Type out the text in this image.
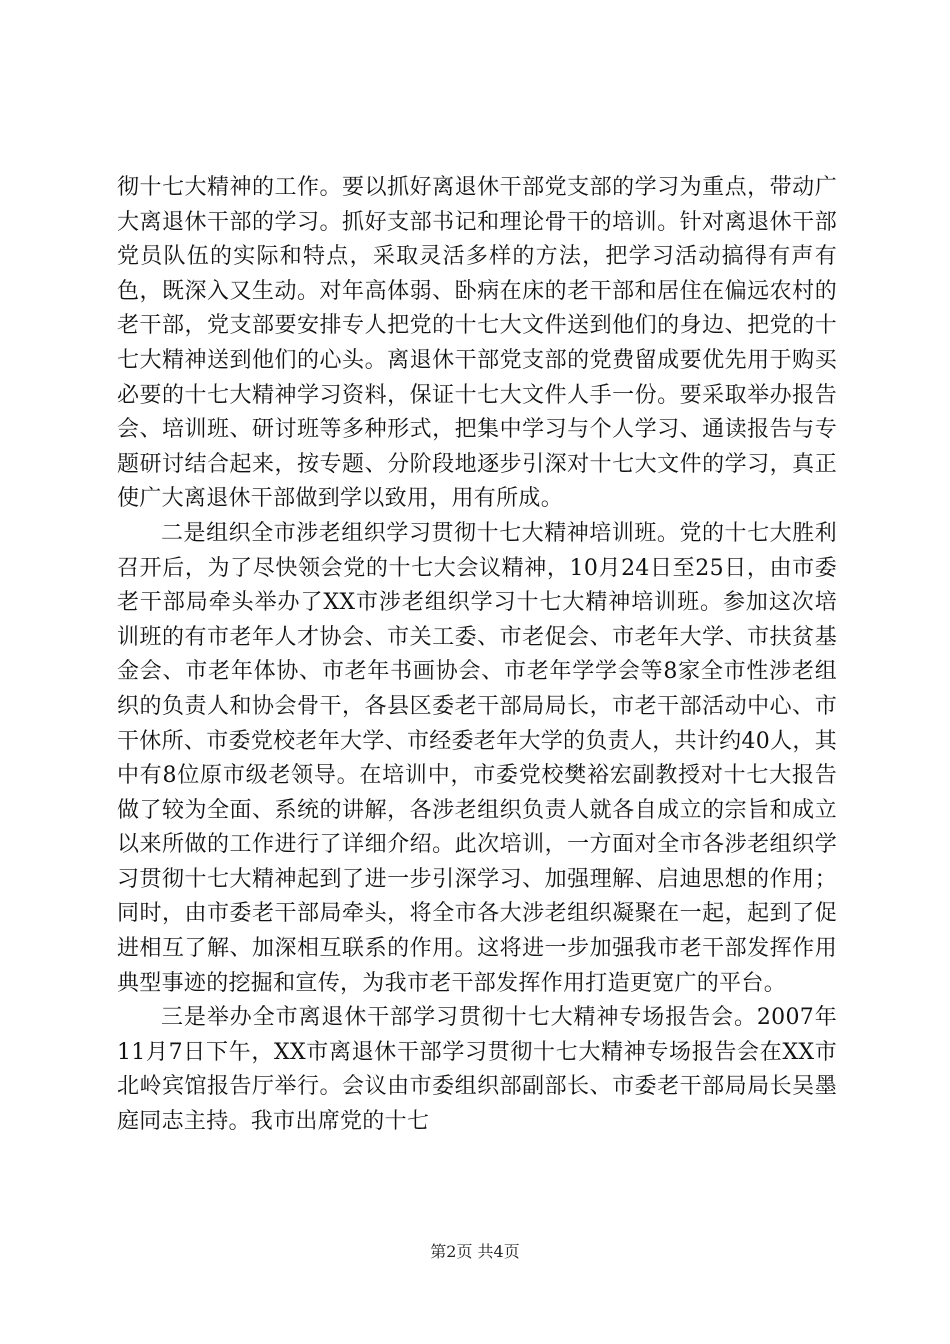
彻十七大精神的工作。要以抓好离退休干部党支部的学习为重点，带动广大离退休干部的学习。抓好支部书记和理论骨干的培训。针对离退休干部党员队伍的实际和特点，采取灵活多样的方法，把学习活动搞得有声有色，既深入又生动。对年高体弱、卧病在床的老干部和居住在偏远农村的老干部，党支部要安排专人把党的十七大文件送到他们的身边、把党的十七大精神送到他们的心头。离退休干部党支部的党费留成要优先用于购买必要的十七大精神学习资料，保证十七大文件人手一份。要采取举办报告会、培训班、研讨班等多种形式，把集中学习与个人学习、通读报告与专题研讨结合起来，按专题、分阶段地逐步引深对十七大文件的学习，真正使广大离退休干部做到学以致用，用有所成。

二是组织全市涉老组织学习贯彻十七大精神培训班。党的十七大胜利召开后，为了尽快领会党的十七大会议精神，10月24日至25日，由市委老干部局牵头举办了XX市涉老组织学习十七大精神培训班。参加这次培训班的有市老年人才协会、市关工委、市老促会、市老年大学、市扶贫基金会、市老年体协、市老年书画协会、市老年学学会等8家全市性涉老组织的负责人和协会骨干，各县区委老干部局局长，市老干部活动中心、市干休所、市委党校老年大学、市经委老年大学的负责人，共计约40人，其中有8位原市级老领导。在培训中，市委党校樊裕宏副教授对十七大报告做了较为全面、系统的讲解，各涉老组织负责人就各自成立的宗旨和成立以来所做的工作进行了详细介绍。此次培训，一方面对全市各涉老组织学习贯彻十七大精神起到了进一步引深学习、加强理解、启迪思想的作用；同时，由市委老干部局牵头，将全市各大涉老组织凝聚在一起，起到了促进相互了解、加深相互联系的作用。这将进一步加强我市老干部发挥作用典型事迹的挖掘和宣传，为我市老干部发挥作用打造更宽广的平台。

三是举办全市离退休干部学习贯彻十七大精神专场报告会。2007年11月7日下午，XX市离退休干部学习贯彻十七大精神专场报告会在XX市北岭宾馆报告厅举行。会议由市委组织部副部长、市委老干部局局长吴墨庭同志主持。我市出席党的十七

第2页 共4页
